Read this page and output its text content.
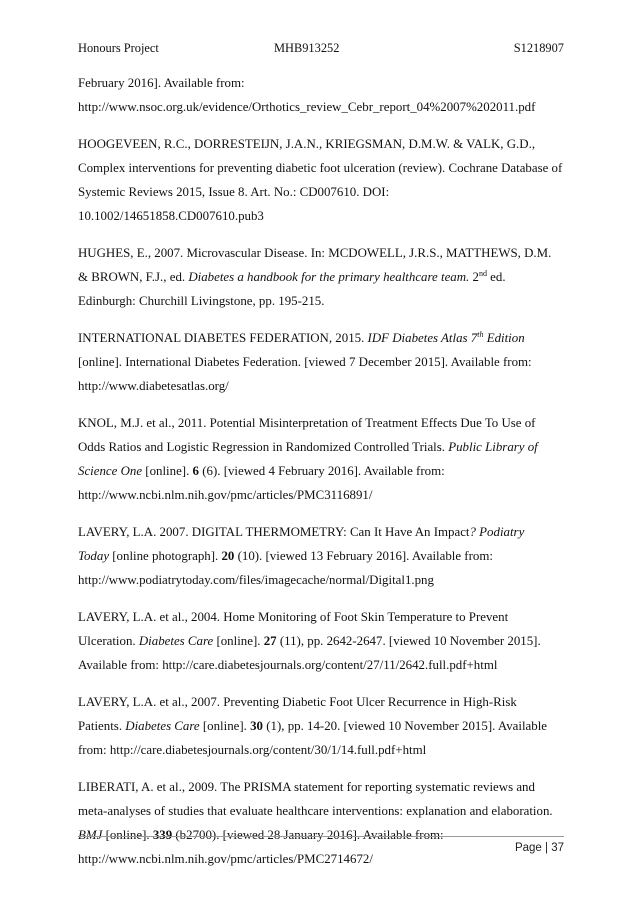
Honours Project	MHB913252	S1218907
February 2016]. Available from:
http://www.nsoc.org.uk/evidence/Orthotics_review_Cebr_report_04%2007%202011.pdf
HOOGEVEEN, R.C., DORRESTEIJN, J.A.N., KRIEGSMAN, D.M.W. & VALK, G.D.,
Complex interventions for preventing diabetic foot ulceration (review). Cochrane Database of
Systemic Reviews 2015, Issue 8. Art. No.: CD007610. DOI:
10.1002/14651858.CD007610.pub3
HUGHES, E., 2007. Microvascular Disease. In: MCDOWELL, J.R.S., MATTHEWS, D.M.
& BROWN, F.J., ed. Diabetes a handbook for the primary healthcare team. 2nd ed.
Edinburgh: Churchill Livingstone, pp. 195-215.
INTERNATIONAL DIABETES FEDERATION, 2015. IDF Diabetes Atlas 7th Edition
[online]. International Diabetes Federation. [viewed 7 December 2015]. Available from:
http://www.diabetesatlas.org/
KNOL, M.J. et al., 2011. Potential Misinterpretation of Treatment Effects Due To Use of
Odds Ratios and Logistic Regression in Randomized Controlled Trials. Public Library of
Science One [online]. 6 (6). [viewed 4 February 2016]. Available from:
http://www.ncbi.nlm.nih.gov/pmc/articles/PMC3116891/
LAVERY, L.A. 2007. DIGITAL THERMOMETRY: Can It Have An Impact? Podiatry
Today [online photograph]. 20 (10). [viewed 13 February 2016]. Available from:
http://www.podiatrytoday.com/files/imagecache/normal/Digital1.png
LAVERY, L.A. et al., 2004. Home Monitoring of Foot Skin Temperature to Prevent
Ulceration. Diabetes Care [online]. 27 (11), pp. 2642-2647. [viewed 10 November 2015].
Available from: http://care.diabetesjournals.org/content/27/11/2642.full.pdf+html
LAVERY, L.A. et al., 2007. Preventing Diabetic Foot Ulcer Recurrence in High-Risk
Patients. Diabetes Care [online]. 30 (1), pp. 14-20. [viewed 10 November 2015]. Available
from: http://care.diabetesjournals.org/content/30/1/14.full.pdf+html
LIBERATI, A. et al., 2009. The PRISMA statement for reporting systematic reviews and
meta-analyses of studies that evaluate healthcare interventions: explanation and elaboration.
BMJ [online]. 339 (b2700). [viewed 28 January 2016]. Available from:
http://www.ncbi.nlm.nih.gov/pmc/articles/PMC2714672/
Page | 37
